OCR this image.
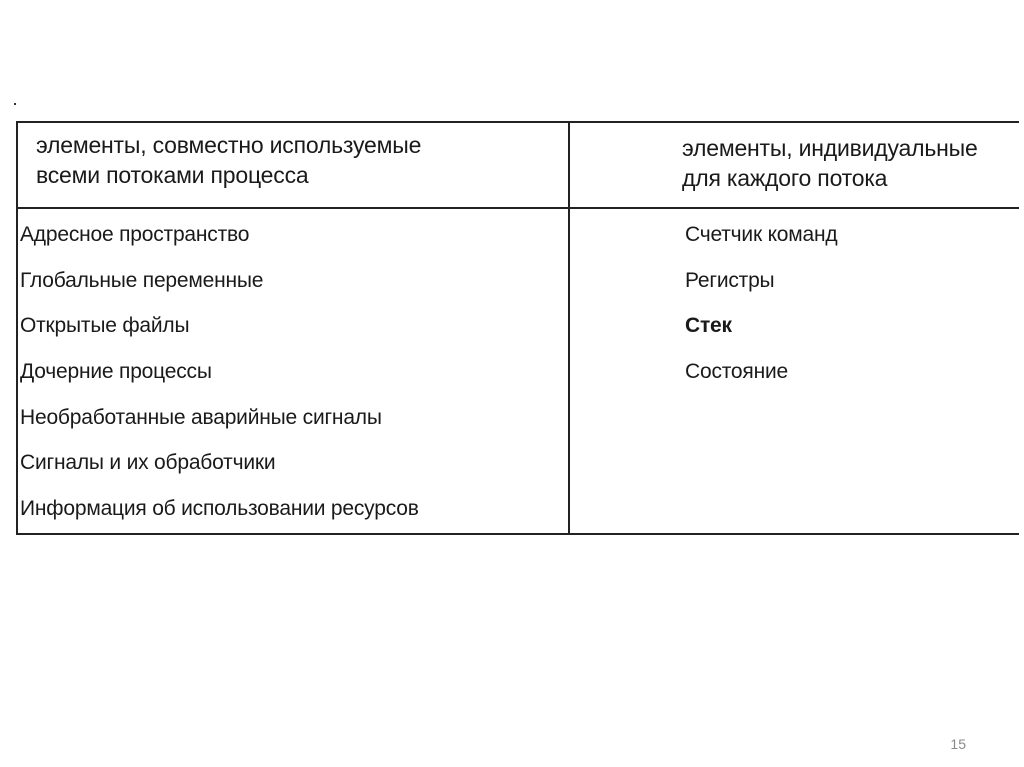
элементы, совместно используемые
всеми потоками процесса
элементы, индивидуальные
для каждого потока
Адресное пространство
Глобальные переменные
Открытые файлы
Дочерние процессы
Необработанные аварийные сигналы
Сигналы и их обработчики
Информация об использовании ресурсов
Счетчик команд
Регистры
Стек
Состояние
15
